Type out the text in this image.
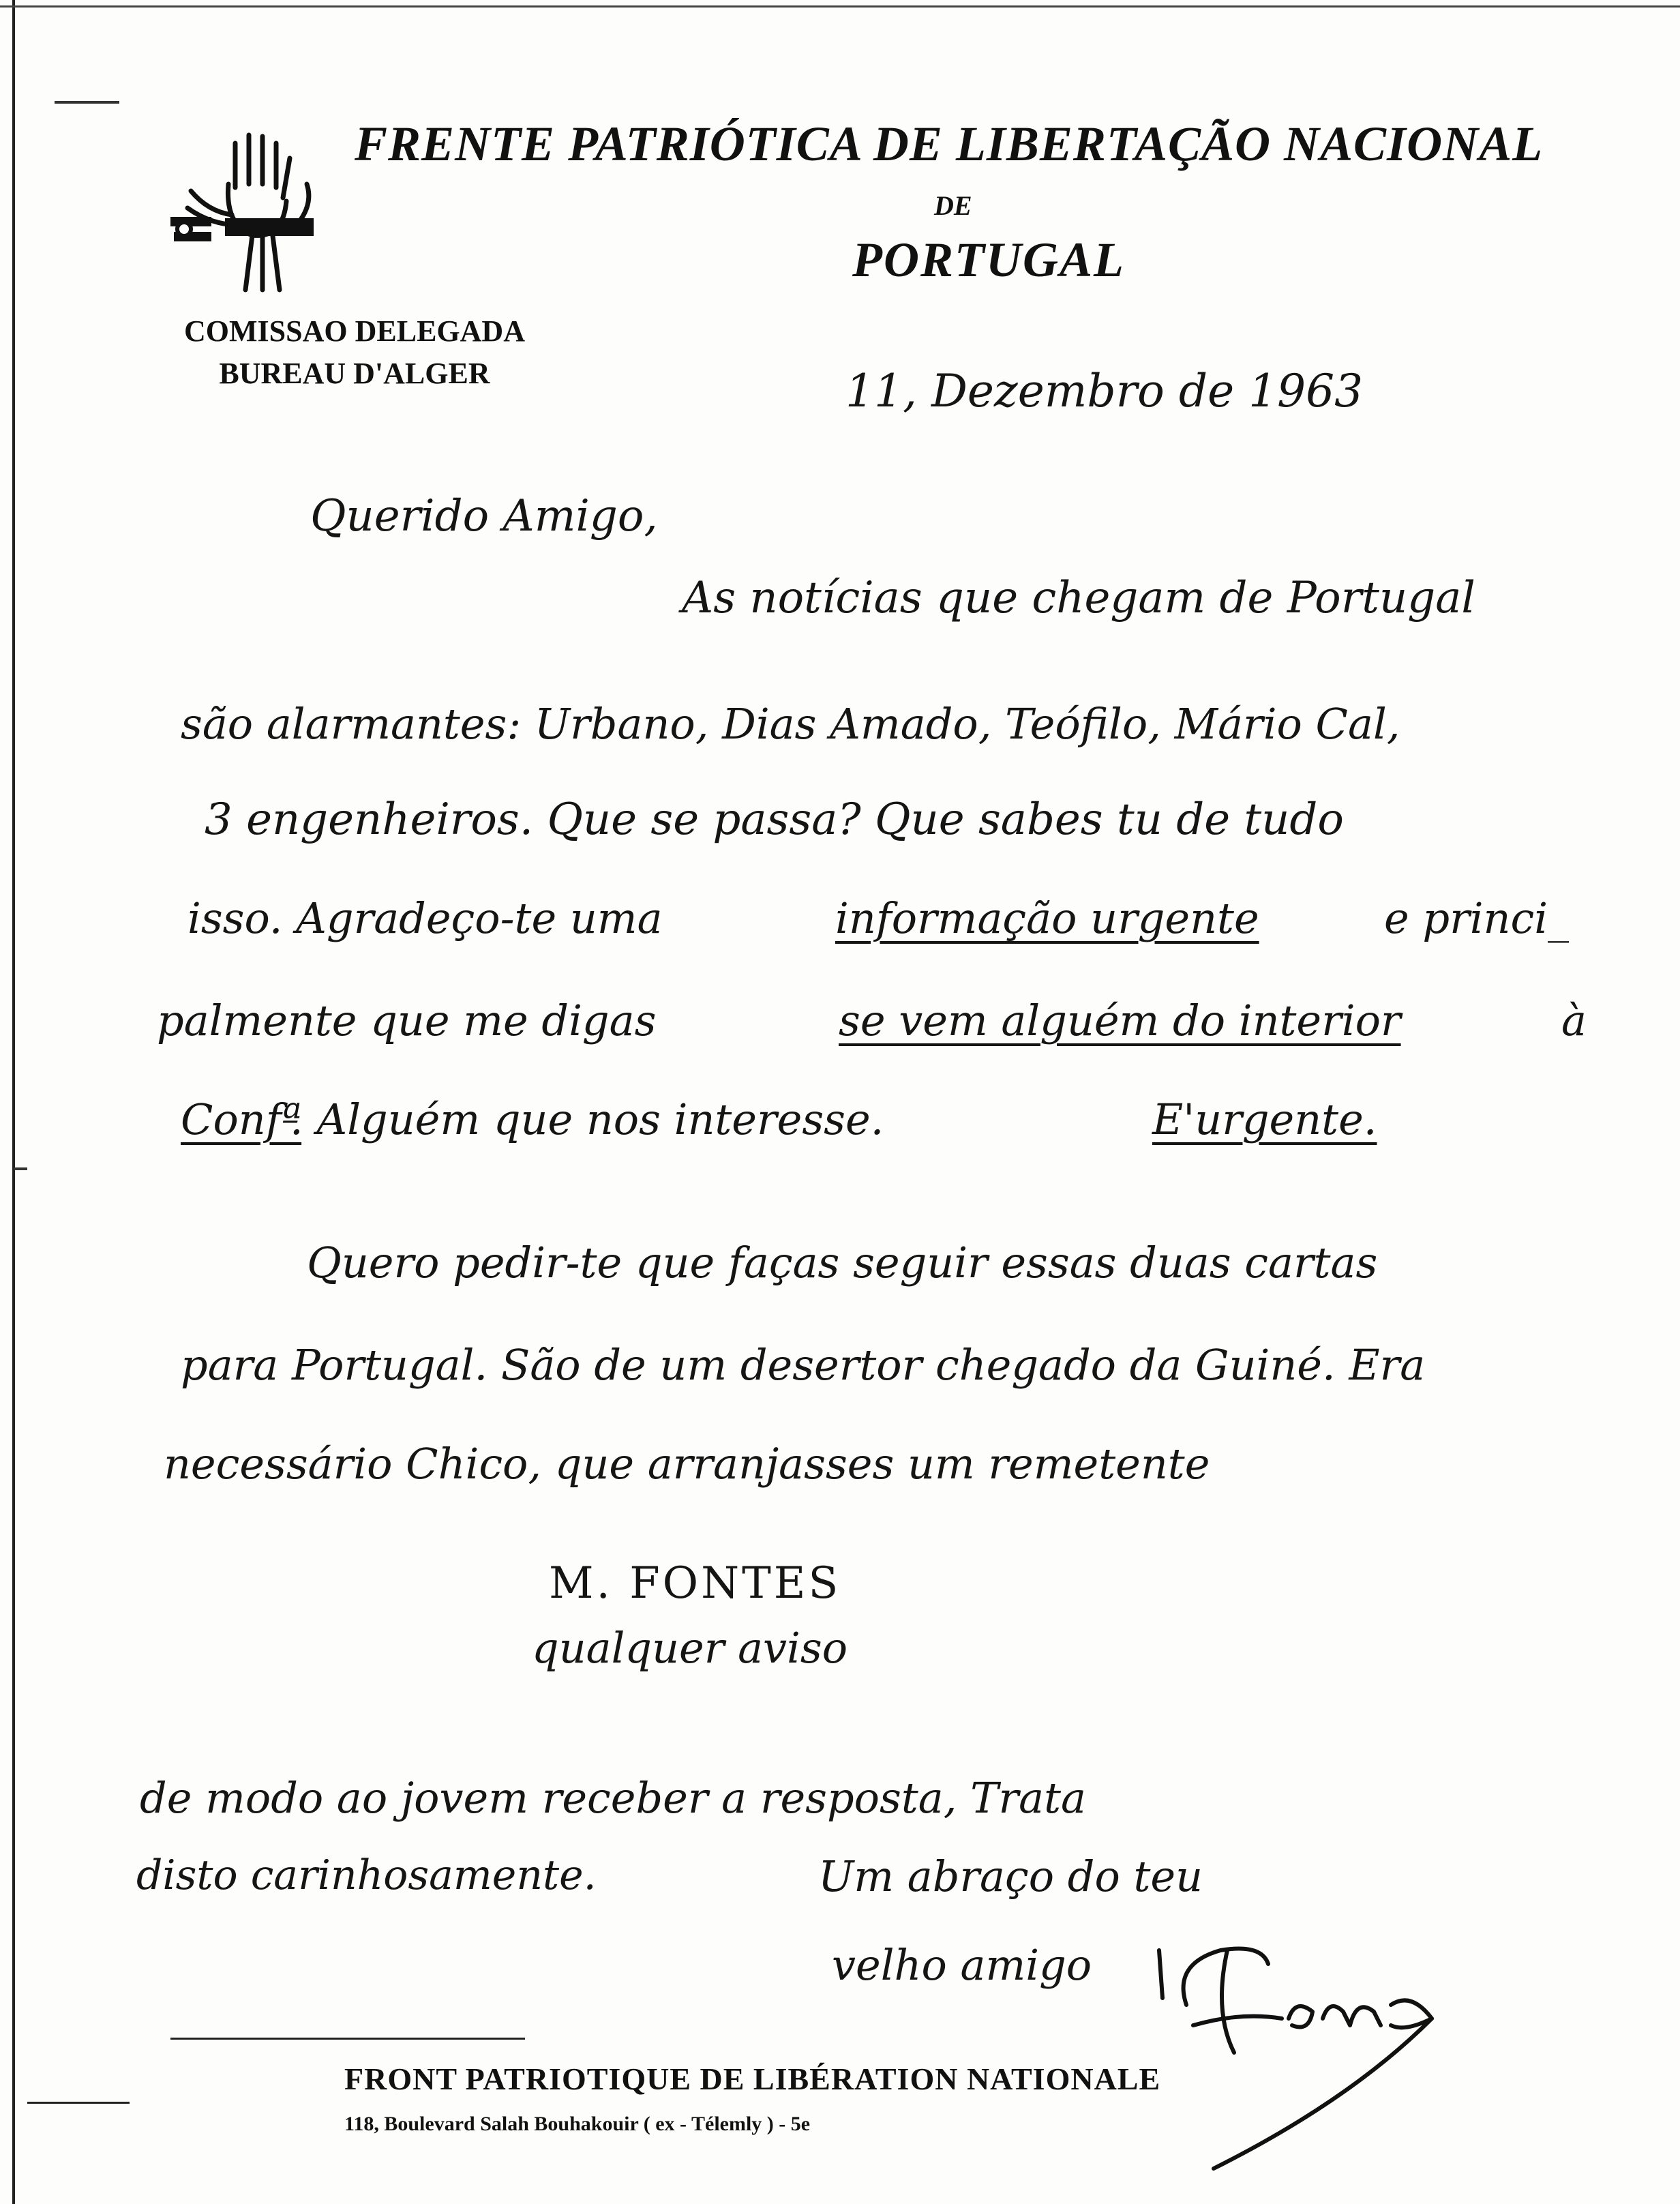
FRENTE PATRIÓTICA DE LIBERTAÇÃO NACIONAL
DE
PORTUGAL
COMISSAO DELEGADA
BUREAU D'ALGER	11, Dezembro de 1963
Querido Amigo,
As notícias que chegam de Portugal
são alarmantes: Urbano, Dias Amado, Teófilo, Mário Cal,
3 engenheiros. Que se passa? Que sabes tu de tudo
isso. Agradeço-te uma	informação urgente	e princi_
palmente que me digas	se vem alguém do interior	à
Confª
. Alguém que nos interesse.	E'urgente.
Quero pedir-te que faças seguir essas duas cartas
para Portugal. São de um desertor chegado da Guiné. Era
necessário Chico, que arranjasses um remetente
M. FONTES
qualquer aviso
de modo ao jovem receber a resposta, Trata
disto carinhosamente.	Um abraço do teu
velho amigo
FRONT PATRIOTIQUE DE LIBÉRATION NATIONALE
118, Boulevard Salah Bouhakouir ( ex - Télemly ) - 5e
